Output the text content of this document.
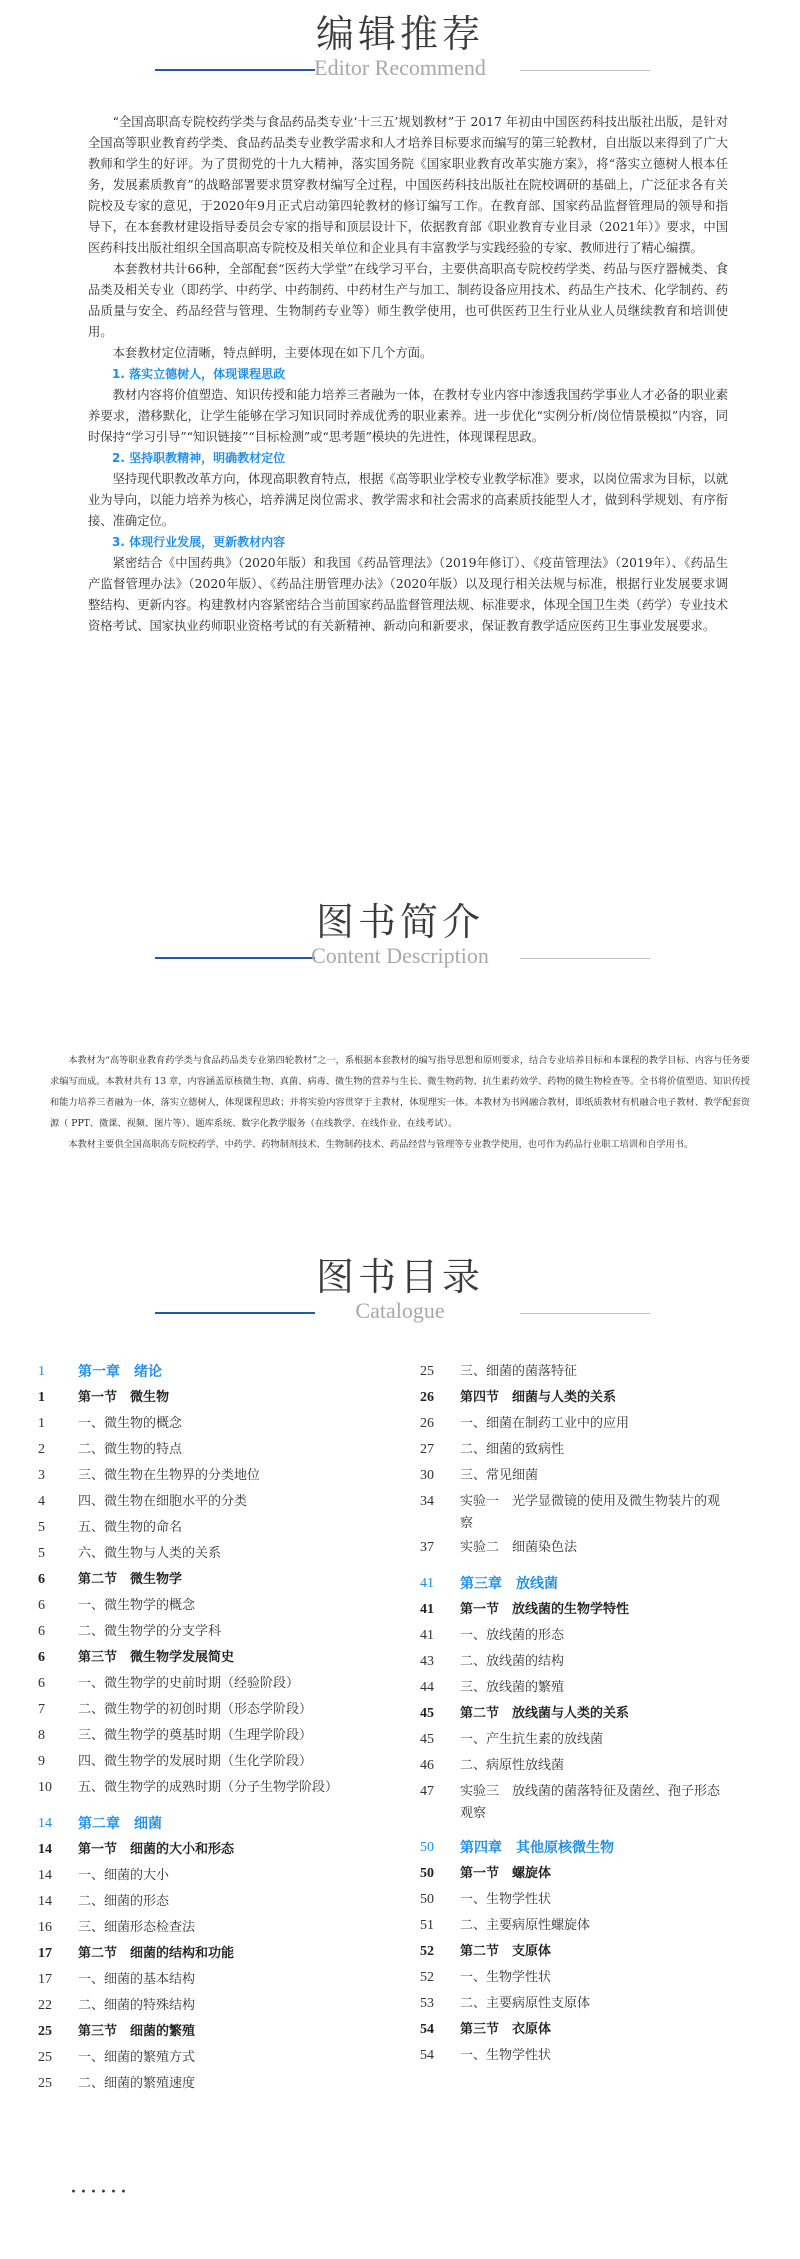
编辑推荐
Editor Recommend

“全国高职高专院校药学类与食品药品类专业‘十三五’规划教材”于 2017 年初由中国医药科技出版社出版，是针对全国高等职业教育药学类、食品药品类专业教学需求和人才培养目标要求而编写的第三轮教材，自出版以来得到了广大教师和学生的好评。为了贯彻党的十九大精神，落实国务院《国家职业教育改革实施方案》，将“落实立德树人根本任务，发展素质教育”的战略部署要求贯穿教材编写全过程，中国医药科技出版社在院校调研的基础上，广泛征求各有关院校及专家的意见，于2020年9月正式启动第四轮教材的修订编写工作。在教育部、国家药品监督管理局的领导和指导下，在本套教材建设指导委员会专家的指导和顶层设计下，依据教育部《职业教育专业目录（2021年）》要求，中国医药科技出版社组织全国高职高专院校及相关单位和企业具有丰富教学与实践经验的专家、教师进行了精心编撰。

本套教材共计66种，全部配套“医药大学堂”在线学习平台，主要供高职高专院校药学类、药品与医疗器械类、食品类及相关专业（即药学、中药学、中药制药、中药材生产与加工、制药设备应用技术、药品生产技术、化学制药、药品质量与安全、药品经营与管理、生物制药专业等）师生教学使用，也可供医药卫生行业从业人员继续教育和培训使用。

本套教材定位清晰，特点鲜明，主要体现在如下几个方面。

1. 落实立德树人，体现课程思政

教材内容将价值塑造、知识传授和能力培养三者融为一体，在教材专业内容中渗透我国药学事业人才必备的职业素养要求，潜移默化，让学生能够在学习知识同时养成优秀的职业素养。进一步优化“实例分析/岗位情景模拟”内容，同时保持“学习引导”“知识链接”“目标检测”或“思考题”模块的先进性，体现课程思政。

2. 坚持职教精神，明确教材定位

坚持现代职教改革方向，体现高职教育特点，根据《高等职业学校专业教学标准》要求，以岗位需求为目标，以就业为导向，以能力培养为核心，培养满足岗位需求、教学需求和社会需求的高素质技能型人才，做到科学规划、有序衔接、准确定位。

3. 体现行业发展，更新教材内容

紧密结合《中国药典》（2020年版）和我国《药品管理法》（2019年修订）、《疫苗管理法》（2019年）、《药品生产监督管理办法》（2020年版）、《药品注册管理办法》（2020年版）以及现行相关法规与标准，根据行业发展要求调整结构、更新内容。构建教材内容紧密结合当前国家药品监督管理法规、标准要求，体现全国卫生类（药学）专业技术资格考试、国家执业药师职业资格考试的有关新精神、新动向和新要求，保证教育教学适应医药卫生事业发展要求。

图书简介
Content Description

本教材为“高等职业教育药学类与食品药品类专业第四轮教材”之一，系根据本套教材的编写指导思想和原则要求，结合专业培养目标和本课程的教学目标、内容与任务要求编写而成。本教材共有 13 章，内容涵盖原核微生物、真菌、病毒、微生物的营养与生长、微生物药物、抗生素药效学、药物的微生物检查等。全书将价值塑造、知识传授和能力培养三者融为一体，落实立德树人，体现课程思政；并将实验内容贯穿于主教材，体现理实一体。本教材为书网融合教材，即纸质教材有机融合电子教材、教学配套资源（ PPT、微课、视频、图片等）、题库系统、数字化教学服务（在线教学、在线作业、在线考试）。

本教材主要供全国高职高专院校药学、中药学、药物制剂技术、生物制药技术、药品经营与管理等专业教学使用，也可作为药品行业职工培训和自学用书。

图书目录
Catalogue
1	第一章　绪论
1	第一节　微生物
1	一、微生物的概念
2	二、微生物的特点
3	三、微生物在生物界的分类地位
4	四、微生物在细胞水平的分类
5	五、微生物的命名
5	六、微生物与人类的关系
6	第二节　微生物学
6	一、微生物学的概念
6	二、微生物学的分支学科
6	第三节　微生物学发展简史
6	一、微生物学的史前时期（经验阶段）
7	二、微生物学的初创时期（形态学阶段）
8	三、微生物学的奠基时期（生理学阶段）
9	四、微生物学的发展时期（生化学阶段）
10	五、微生物学的成熟时期（分子生物学阶段）
14	第二章　细菌
14	第一节　细菌的大小和形态
14	一、细菌的大小
14	二、细菌的形态
16	三、细菌形态检查法
17	第二节　细菌的结构和功能
17	一、细菌的基本结构
22	二、细菌的特殊结构
25	第三节　细菌的繁殖
25	一、细菌的繁殖方式
25	二、细菌的繁殖速度
25	三、细菌的菌落特征
26	第四节　细菌与人类的关系
26	一、细菌在制药工业中的应用
27	二、细菌的致病性
30	三、常见细菌
34	实验一　光学显微镜的使用及微生物装片的观察
37	实验二　细菌染色法
41	第三章　放线菌
41	第一节　放线菌的生物学特性
41	一、放线菌的形态
43	二、放线菌的结构
44	三、放线菌的繁殖
45	第二节　放线菌与人类的关系
45	一、产生抗生素的放线菌
46	二、病原性放线菌
47	实验三　放线菌的菌落特征及菌丝、孢子形态观察
50	第四章　其他原核微生物
50	第一节　螺旋体
50	一、生物学性状
51	二、主要病原性螺旋体
52	第二节　支原体
52	一、生物学性状
53	二、主要病原性支原体
54	第三节　衣原体
54	一、生物学性状
······
